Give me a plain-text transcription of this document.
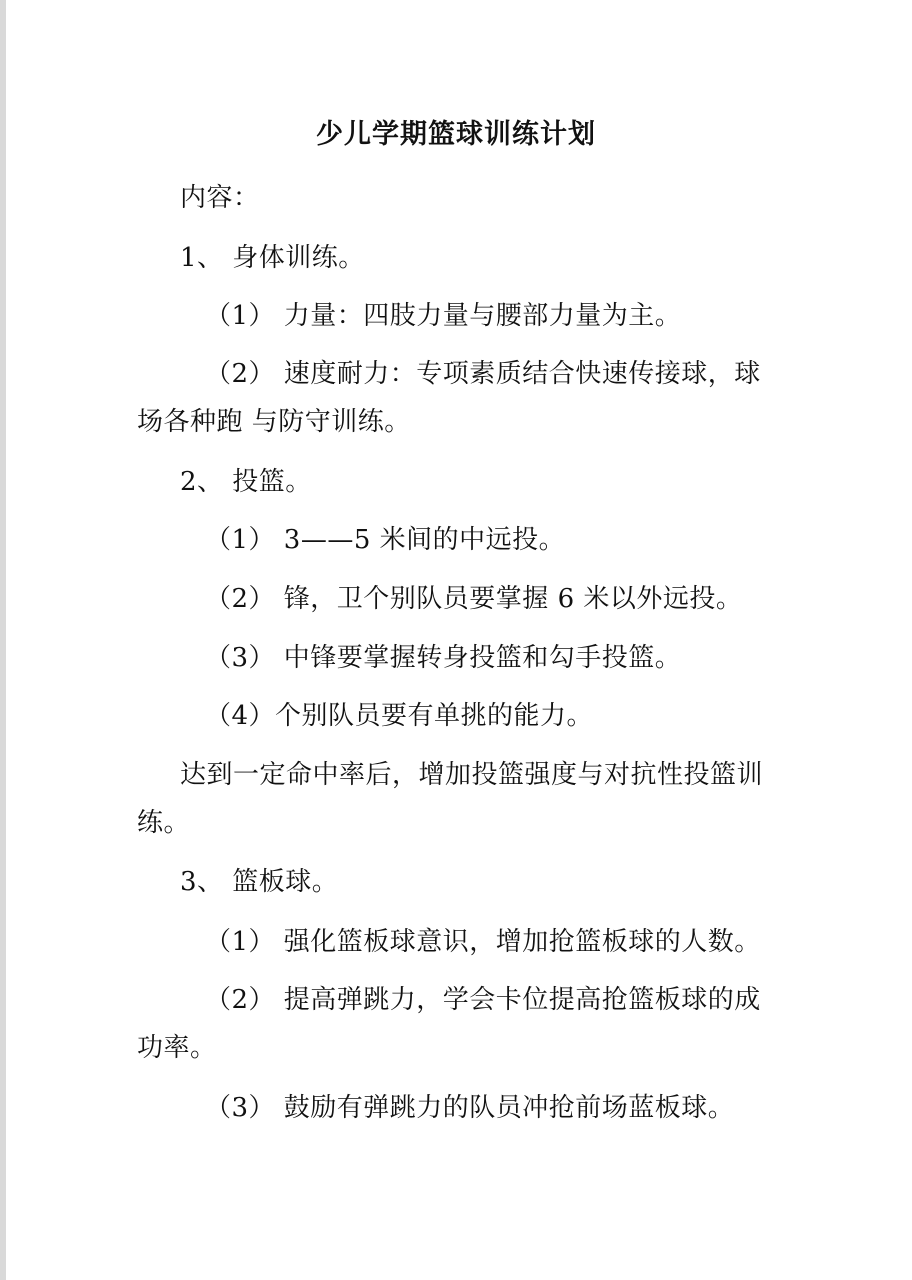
少儿学期篮球训练计划
内容：
1、 身体训练。
（1） 力量：四肢力量与腰部力量为主。
（2） 速度耐力：专项素质结合快速传接球，球
场各种跑 与防守训练。
2、 投篮。
（1） 3——5 米间的中远投。
（2） 锋，卫个别队员要掌握 6 米以外远投。
（3） 中锋要掌握转身投篮和勾手投篮。
（4）个别队员要有单挑的能力。
达到一定命中率后，增加投篮强度与对抗性投篮训
练。
3、 篮板球。
（1） 强化篮板球意识，增加抢篮板球的人数。
（2） 提高弹跳力，学会卡位提高抢篮板球的成
功率。
（3） 鼓励有弹跳力的队员冲抢前场蓝板球。
